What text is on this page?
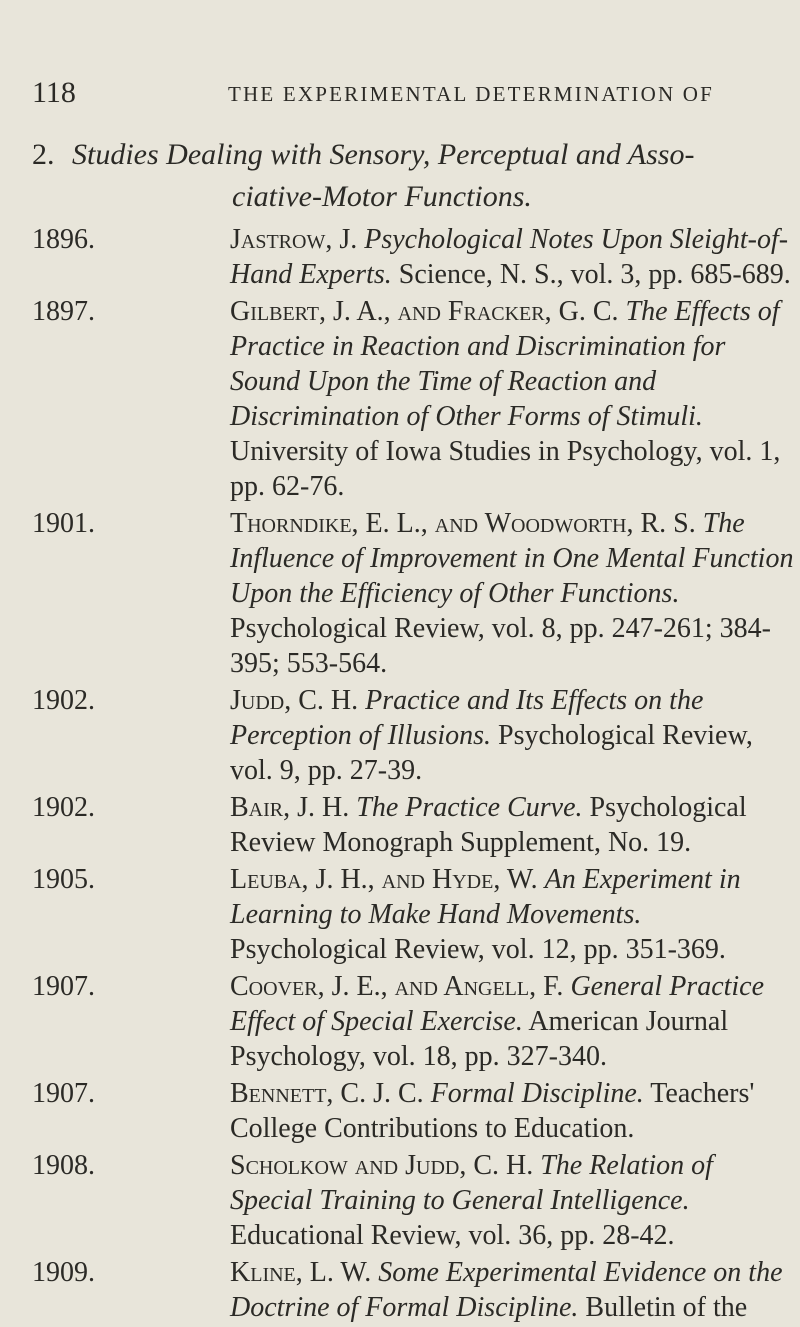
118	THE EXPERIMENTAL DETERMINATION OF
2. Studies Dealing with Sensory, Perceptual and Asso-
ciative-Motor Functions.
1896.	Jastrow, J. Psychological Notes Upon Sleight-of-Hand Experts. Science, N. S., vol. 3, pp. 685-689.
1897.	Gilbert, J. A., and Fracker, G. C. The Effects of Practice in Reaction and Discrimination for Sound Upon the Time of Reaction and Discrimination of Other Forms of Stimuli. University of Iowa Studies in Psychology, vol. 1, pp. 62-76.
1901.	Thorndike, E. L., and Woodworth, R. S. The Influence of Improvement in One Mental Function Upon the Efficiency of Other Functions. Psychological Review, vol. 8, pp. 247-261; 384-395; 553-564.
1902.	Judd, C. H. Practice and Its Effects on the Perception of Illusions. Psychological Review, vol. 9, pp. 27-39.
1902.	Bair, J. H. The Practice Curve. Psychological Review Monograph Supplement, No. 19.
1905.	Leuba, J. H., and Hyde, W. An Experiment in Learning to Make Hand Movements. Psychological Review, vol. 12, pp. 351-369.
1907.	Coover, J. E., and Angell, F. General Practice Effect of Special Exercise. American Journal Psychology, vol. 18, pp. 327-340.
1907.	Bennett, C. J. C. Formal Discipline. Teachers' College Contributions to Education.
1908.	Scholkow and Judd, C. H. The Relation of Special Training to General Intelligence. Educational Review, vol. 36, pp. 28-42.
1909.	Kline, L. W. Some Experimental Evidence on the Doctrine of Formal Discipline. Bulletin of the
